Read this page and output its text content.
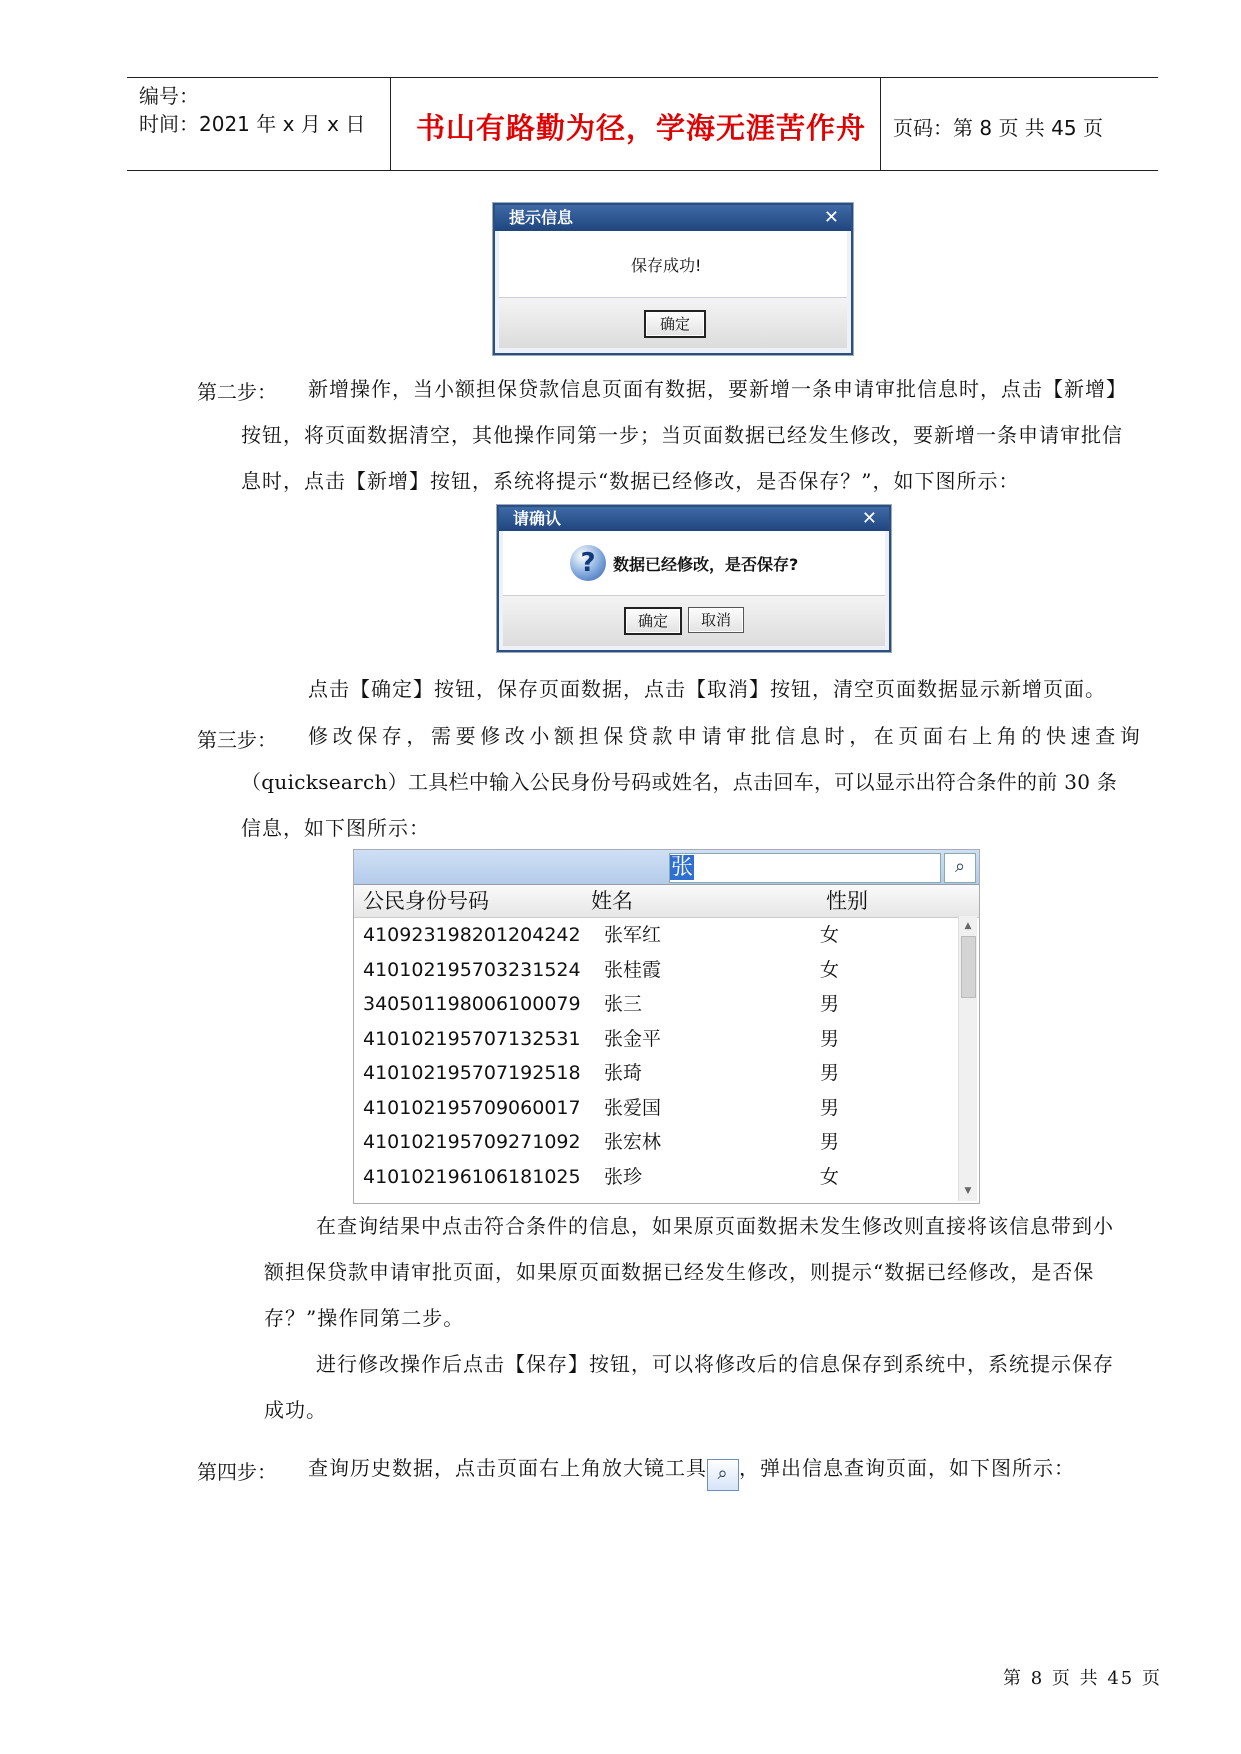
编号：
时间：2021 年 x 月 x 日 书山有路勤为径，学海无涯苦作舟 页码：第 8 页 共 45 页
提示信息	✕
保存成功!
确定
第二步： 新增操作，当小额担保贷款信息页面有数据，要新增一条申请审批信息时，点击【新增】
按钮，将页面数据清空，其他操作同第一步；当页面数据已经发生修改，要新增一条申请审批信
息时，点击【新增】按钮，系统将提示“数据已经修改，是否保存？”，如下图所示：
请确认	✕
?	数据已经修改，是否保存?
确定	取消
点击【确定】按钮，保存页面数据，点击【取消】按钮，清空页面数据显示新增页面。
第三步： 修改保存，需要修改小额担保贷款申请审批信息时，在页面右上角的快速查询
（quicksearch）工具栏中输入公民身份号码或姓名，点击回车，可以显示出符合条件的前 30 条
信息，如下图所示：
张	⌕
公民身份号码	姓名	性别
410923198201204242 张军红	女
410102195703231524 张桂霞	女
340501198006100079 张三	男
410102195707132531 张金平	男
410102195707192518 张琦	男
410102195709060017 张爱国	男
410102195709271092 张宏林	男
410102196106181025 张珍	女
▲
▼
在查询结果中点击符合条件的信息，如果原页面数据未发生修改则直接将该信息带到小
额担保贷款申请审批页面，如果原页面数据已经发生修改，则提示“数据已经修改，是否保
存？”操作同第二步。
进行修改操作后点击【保存】按钮，可以将修改后的信息保存到系统中，系统提示保存
成功。
第四步： 查询历史数据，点击页面右上角放大镜工具 ⌕ ，弹出信息查询页面，如下图所示：
第 8 页 共 45 页
